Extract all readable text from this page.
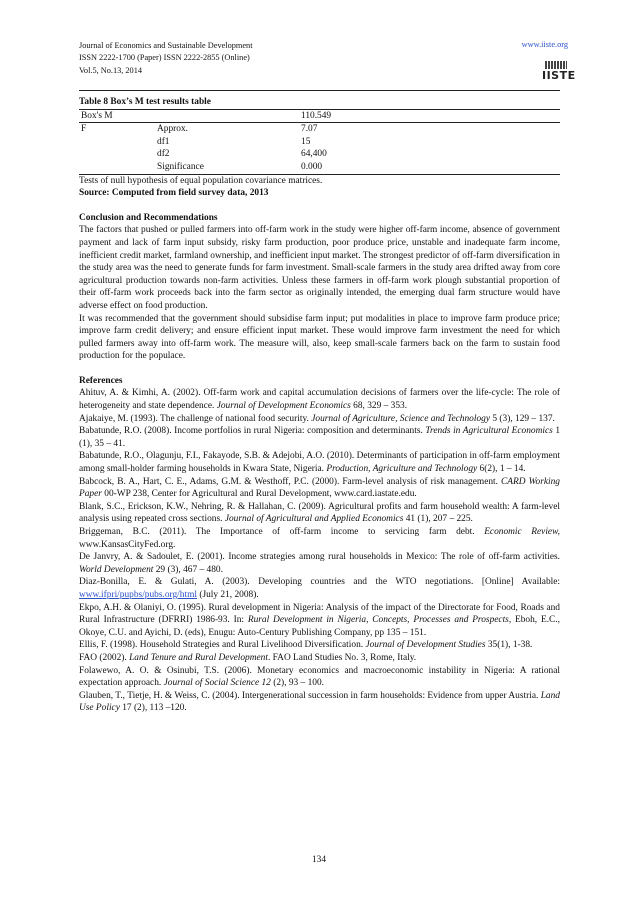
Journal of Economics and Sustainable Development
ISSN 2222-1700 (Paper) ISSN 2222-2855 (Online)
Vol.5, No.13, 2014
www.iiste.org
IISTE
Table 8 Box’s M test results table
Box's M		110.549	
F	Approx.	7.07	
	df1	15	
	df2	64,400	
	Significance	0.000	
Tests of null hypothesis of equal population covariance matrices.
Source: Computed from field survey data, 2013
Conclusion and Recommendations

The factors that pushed or pulled farmers into off-farm work in the study were higher off-farm income, absence of government payment and lack of farm input subsidy, risky farm production, poor produce price, unstable and inadequate farm income, inefficient credit market, farmland ownership, and inefficient input market. The strongest predictor of off-farm diversification in the study area was the need to generate funds for farm investment. Small-scale farmers in the study area drifted away from core agricultural production towards non-farm activities. Unless these farmers in off-farm work plough substantial proportion of their off-farm work proceeds back into the farm sector as originally intended, the emerging dual farm structure would have adverse effect on food production.

It was recommended that the government should subsidise farm input; put modalities in place to improve farm produce price; improve farm credit delivery; and ensure efficient input market. These would improve farm investment the need for which pulled farmers away into off-farm work. The measure will, also, keep small-scale farmers back on the farm to sustain food production for the populace.

References

Ahituv, A. & Kimhi, A. (2002). Off-farm work and capital accumulation decisions of farmers over the life-cycle: The role of heterogeneity and state dependence. Journal of Development Economics 68, 329 – 353.

Ajakaiye, M. (1993). The challenge of national food security. Journal of Agriculture, Science and Technology 5 (3), 129 – 137.

Babatunde, R.O. (2008). Income portfolios in rural Nigeria: composition and determinants. Trends in Agricultural Economics 1 (1), 35 – 41.

Babatunde, R.O., Olagunju, F.I., Fakayode, S.B. & Adejobi, A.O. (2010). Determinants of participation in off-farm employment among small-holder farming households in Kwara State, Nigeria. Production, Agriculture and Technology 6(2), 1 – 14.

Babcock, B. A., Hart, C. E., Adams, G.M. & Westhoff, P.C. (2000). Farm-level analysis of risk management. CARD Working Paper 00-WP 238, Center for Agricultural and Rural Development, www.card.iastate.edu.

Blank, S.C., Erickson, K.W., Nehring, R. & Hallahan, C. (2009). Agricultural profits and farm household wealth: A farm-level analysis using repeated cross sections. Journal of Agricultural and Applied Economics 41 (1), 207 – 225.

Briggeman, B.C. (2011). The Importance of off-farm income to servicing farm debt. Economic Review, www.KansasCityFed.org.

De Janvry, A. & Sadoulet, E. (2001). Income strategies among rural households in Mexico: The role of off-farm activities. World Development 29 (3), 467 – 480.

Diaz-Bonilla, E. & Gulati, A. (2003). Developing countries and the WTO negotiations. [Online] Available: www.ifpri/pupbs/pubs.org/html (July 21, 2008).

Ekpo, A.H. & Olaniyi, O. (1995). Rural development in Nigeria: Analysis of the impact of the Directorate for Food, Roads and Rural Infrastructure (DFRRI) 1986-93. In: Rural Development in Nigeria, Concepts, Processes and Prospects, Eboh, E.C., Okoye, C.U. and Ayichi, D. (eds), Enugu: Auto-Century Publishing Company, pp 135 – 151.

Ellis, F. (1998). Household Strategies and Rural Livelihood Diversification. Journal of Development Studies 35(1), 1-38.

FAO (2002). Land Tenure and Rural Development. FAO Land Studies No. 3, Rome, Italy.

Folawewo, A. O. & Osinubi, T.S. (2006). Monetary economics and macroeconomic instability in Nigeria: A rational expectation approach. Journal of Social Science 12 (2), 93 – 100.

Glauben, T., Tietje, H. & Weiss, C. (2004). Intergenerational succession in farm households: Evidence from upper Austria. Land Use Policy 17 (2), 113 –120.

134
